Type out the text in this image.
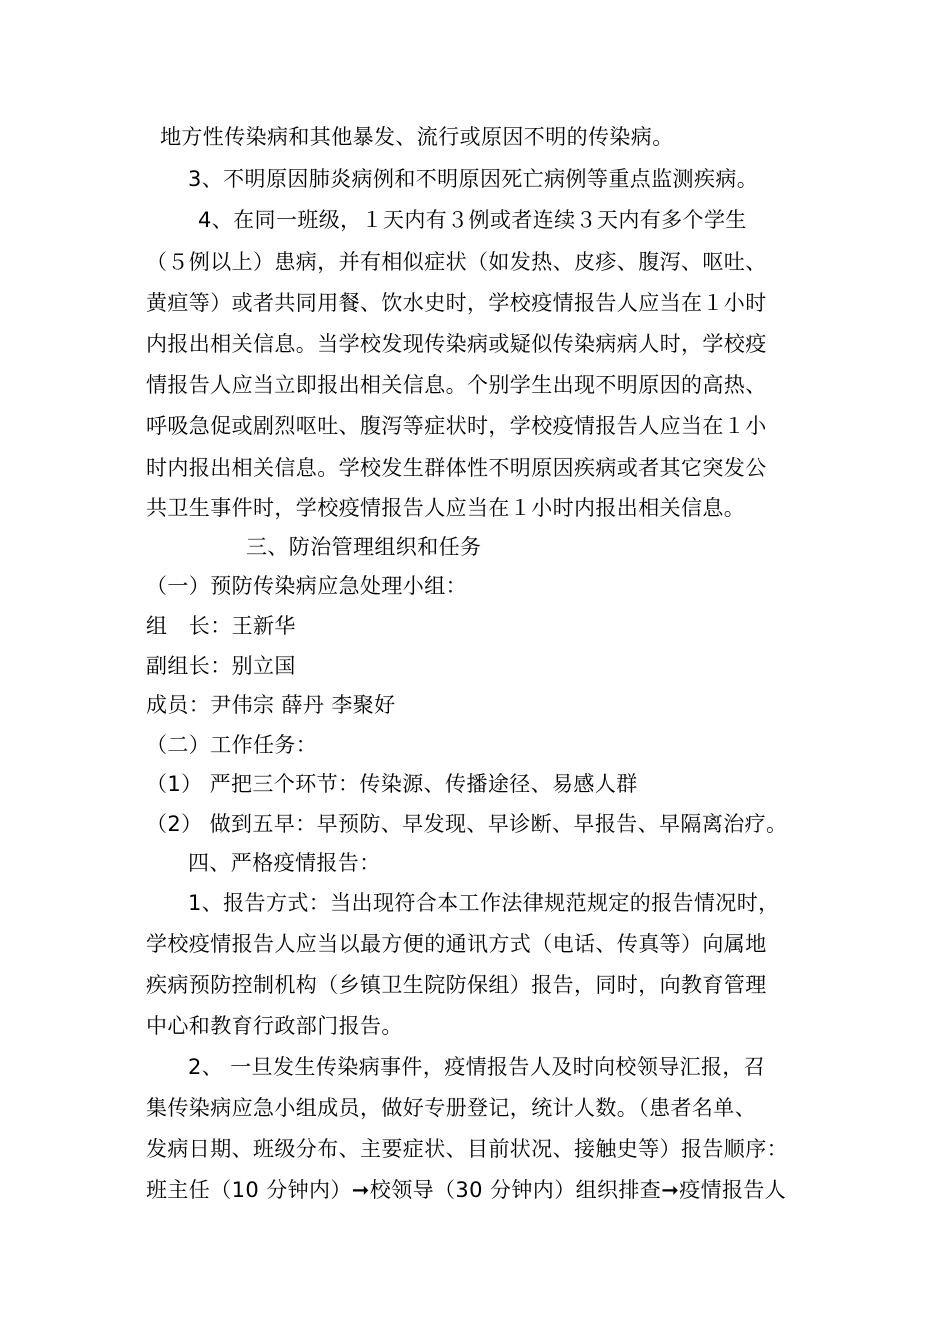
地方性传染病和其他暴发、流行或原因不明的传染病。
3、不明原因肺炎病例和不明原因死亡病例等重点监测疾病。
4、在同一班级，１天内有３例或者连续３天内有多个学生
（５例以上）患病，并有相似症状（如发热、皮疹、腹泻、呕吐、
黄疸等）或者共同用餐、饮水史时，学校疫情报告人应当在１小时
内报出相关信息。当学校发现传染病或疑似传染病病人时，学校疫
情报告人应当立即报出相关信息。个别学生出现不明原因的高热、
呼吸急促或剧烈呕吐、腹泻等症状时，学校疫情报告人应当在１小
时内报出相关信息。学校发生群体性不明原因疾病或者其它突发公
共卫生事件时，学校疫情报告人应当在１小时内报出相关信息。
三、防治管理组织和任务
（一）预防传染病应急处理小组：
组　长：王新华
副组长：别立国
成员：尹伟宗 薛丹 李聚好
（二）工作任务：
（1） 严把三个环节：传染源、传播途径、易感人群
（2） 做到五早：早预防、早发现、早诊断、早报告、早隔离治疗。
四、严格疫情报告：
1、报告方式：当出现符合本工作法律规范规定的报告情况时，
学校疫情报告人应当以最方便的通讯方式（电话、传真等）向属地
疾病预防控制机构（乡镇卫生院防保组）报告，同时，向教育管理
中心和教育行政部门报告。
2、 一旦发生传染病事件，疫情报告人及时向校领导汇报，召
集传染病应急小组成员，做好专册登记，统计人数。（患者名单、
发病日期、班级分布、主要症状、目前状况、接触史等）报告顺序：
班主任（10 分钟内）➞校领导（30 分钟内）组织排查➞疫情报告人
